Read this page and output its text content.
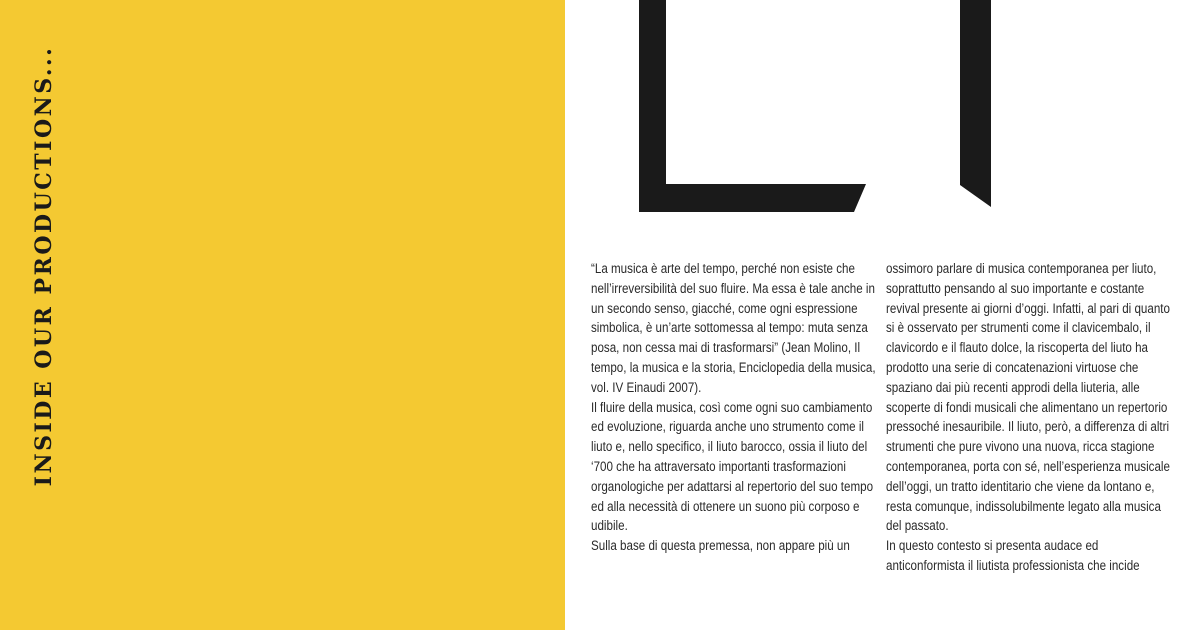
INSIDE OUR PRODUCTIONS...	“La musica è arte del tempo, perché non esiste che nell’irreversibilità del suo fluire. Ma essa è tale anche in un secondo senso, giacché, come ogni espressione simbolica, è un’arte sottomessa al tempo: muta senza posa, non cessa mai di trasformarsi” (Jean Molino, Il tempo, la musica e la storia, Enciclopedia della musica, vol. IV Einaudi 2007).

Il fluire della musica, così come ogni suo cambiamento ed evoluzione, riguarda anche uno strumento come il liuto e, nello specifico, il liuto barocco, ossia il liuto del ‘700 che ha attraversato importanti trasformazioni organologiche per adattarsi al repertorio del suo tempo ed alla necessità di ottenere un suono più corposo e udibile.

Sulla base di questa premessa, non appare più un

ossimoro parlare di musica contemporanea per liuto, soprattutto pensando al suo importante e costante revival presente ai giorni d’oggi. Infatti, al pari di quanto si è osservato per strumenti come il clavicembalo, il clavicordo e il flauto dolce, la riscoperta del liuto ha prodotto una serie di concatenazioni virtuose che spaziano dai più recenti approdi della liuteria, alle scoperte di fondi musicali che alimentano un repertorio pressoché inesauribile. Il liuto, però, a differenza di altri strumenti che pure vivono una nuova, ricca stagione contemporanea, porta con sé, nell’esperienza musicale dell’oggi, un tratto identitario che viene da lontano e, resta comunque, indissolubilmente legato alla musica del passato.

In questo contesto si presenta audace ed anticonformista il liutista professionista che incide
